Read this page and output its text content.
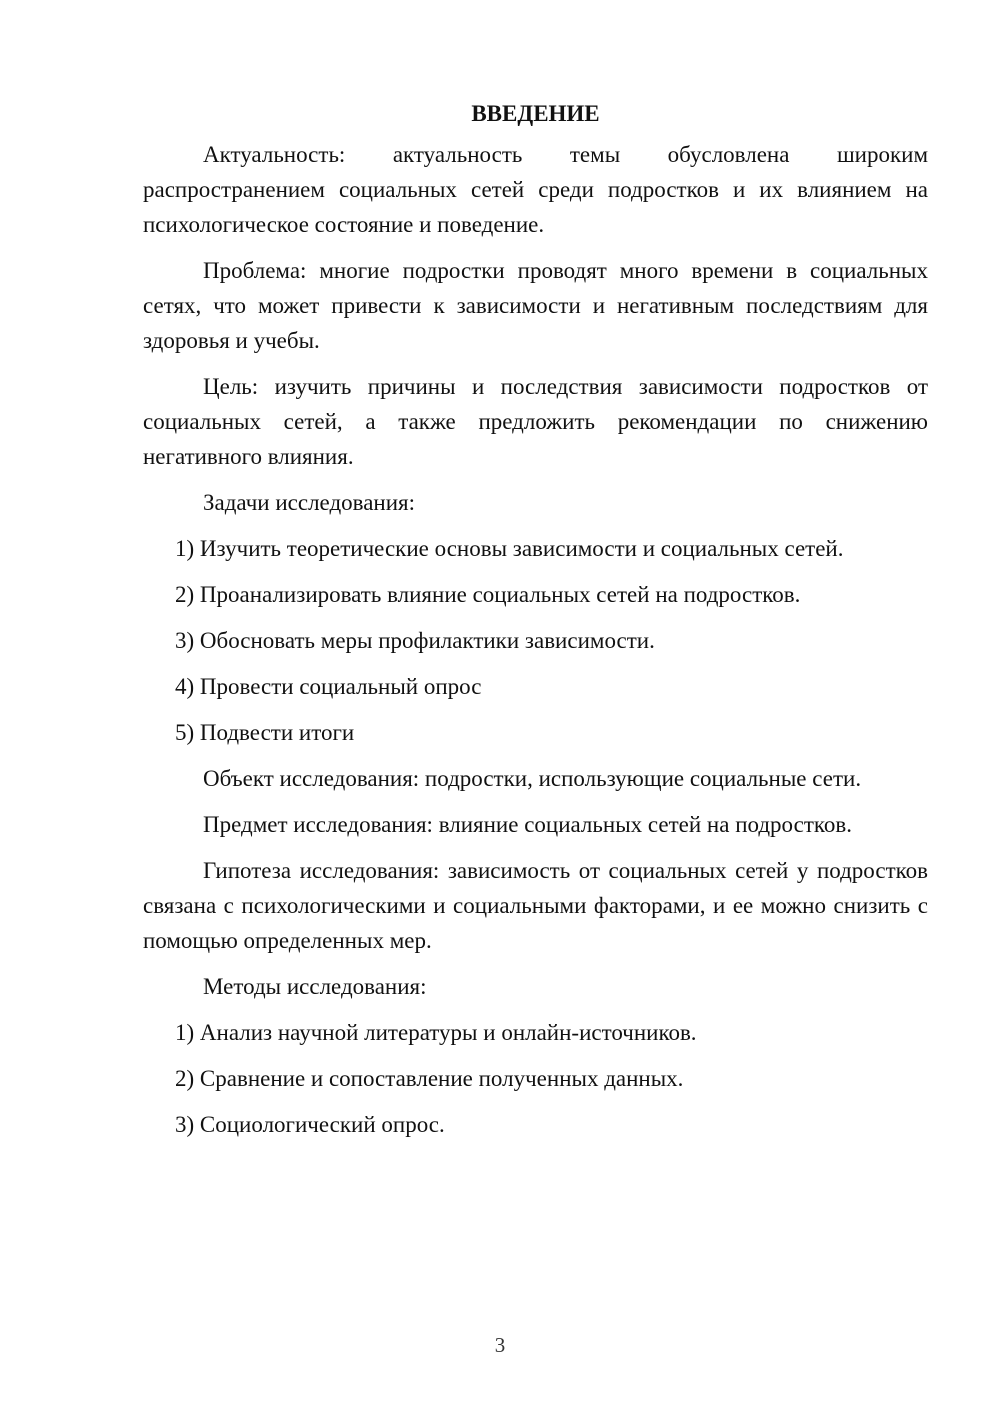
ВВЕДЕНИЕ

Актуальность: актуальность темы обусловлена широким распространением социальных сетей среди подростков и их влиянием на психологическое состояние и поведение.

Проблема: многие подростки проводят много времени в социальных сетях, что может привести к зависимости и негативным последствиям для здоровья и учебы.

Цель: изучить причины и последствия зависимости подростков от социальных сетей, а также предложить рекомендации по снижению негативного влияния.

Задачи исследования:

1) Изучить теоретические основы зависимости и социальных сетей.
2) Проанализировать влияние социальных сетей на подростков.
3) Обосновать меры профилактики зависимости.
4) Провести социальный опрос
5) Подвести итоги

Объект исследования: подростки, использующие социальные сети.

Предмет исследования: влияние социальных сетей на подростков.

Гипотеза исследования: зависимость от социальных сетей у подростков связана с психологическими и социальными факторами, и ее можно снизить с помощью определенных мер.

Методы исследования:

1) Анализ научной литературы и онлайн-источников.
2) Сравнение и сопоставление полученных данных.
3) Социологический опрос.
3
